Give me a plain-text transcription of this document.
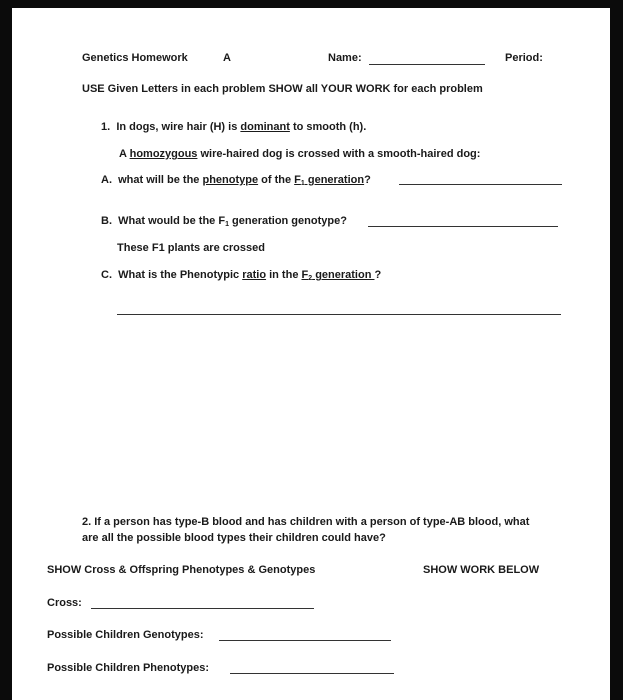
Genetics Homework	A	Name:	Period:
USE Given Letters in each problem SHOW all YOUR WORK for each problem
1. In dogs, wire hair (H) is dominant to smooth (h).
A homozygous wire-haired dog is crossed with a smooth-haired dog:
A. what will be the phenotype of the $F_1$ generation?
B. What would be the $F_1$ generation genotype?
These F1 plants are crossed
C. What is the Phenotypic ratio in the $F_2$ generation ?
2. If a person has type-B blood and has children with a person of type-AB blood, what
are all the possible blood types their children could have?
SHOW Cross & Offspring Phenotypes & Genotypes	SHOW WORK BELOW
Cross:
Possible Children Genotypes:
Possible Children Phenotypes:
